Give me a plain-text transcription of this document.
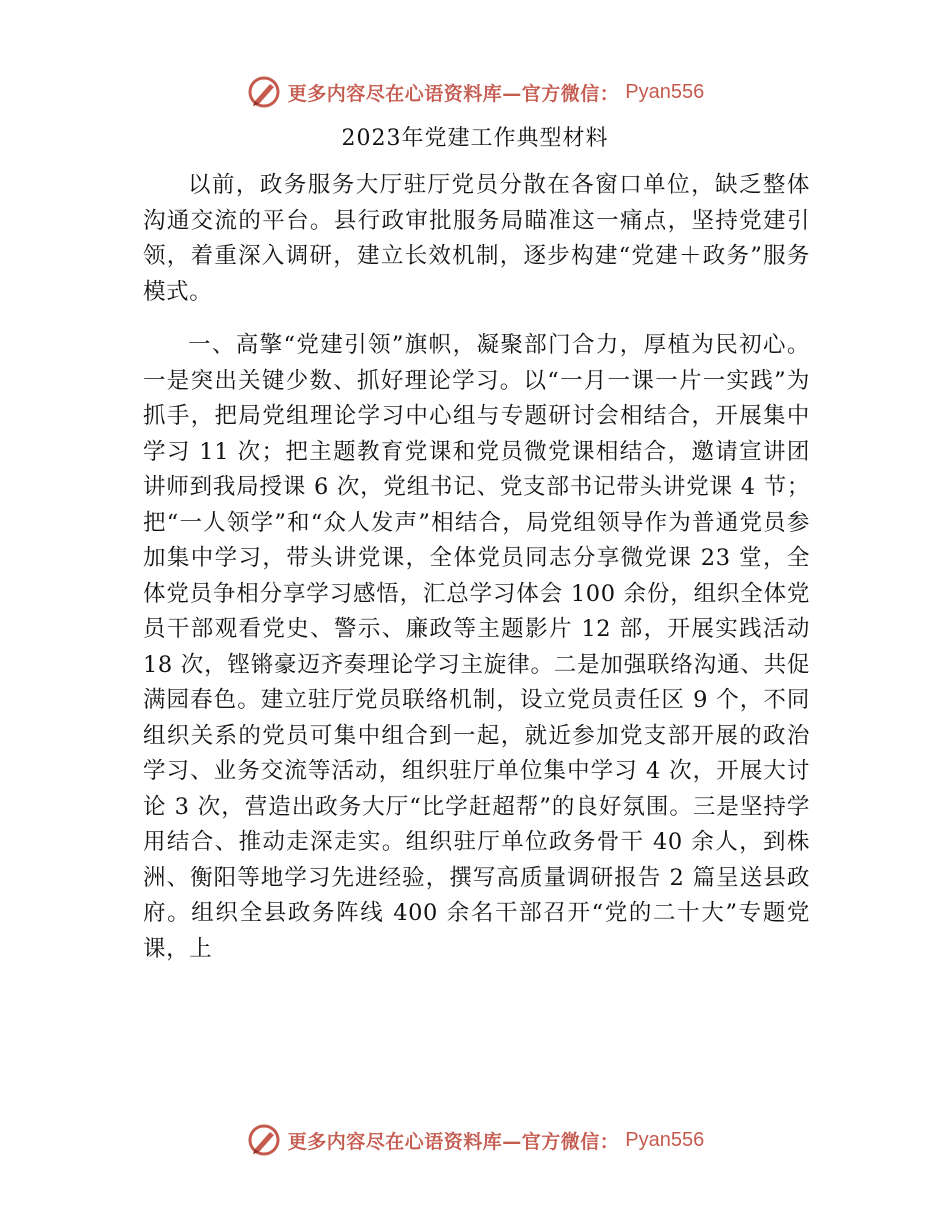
更多内容尽在心语资料库—官方微信： Pyan556
2023年党建工作典型材料

以前，政务服务大厅驻厅党员分散在各窗口单位，缺乏整体沟通交流的平台。县行政审批服务局瞄准这一痛点，坚持党建引领，着重深入调研，建立长效机制，逐步构建“党建＋政务”服务模式。

一、高擎“党建引领”旗帜，凝聚部门合力，厚植为民初心。一是突出关键少数、抓好理论学习。以“一月一课一片一实践”为抓手，把局党组理论学习中心组与专题研讨会相结合，开展集中学习 11 次；把主题教育党课和党员微党课相结合，邀请宣讲团讲师到我局授课 6 次，党组书记、党支部书记带头讲党课 4 节；把“一人领学”和“众人发声”相结合，局党组领导作为普通党员参加集中学习，带头讲党课，全体党员同志分享微党课 23 堂，全体党员争相分享学习感悟，汇总学习体会 100 余份，组织全体党员干部观看党史、警示、廉政等主题影片 12 部，开展实践活动 18 次，铿锵豪迈齐奏理论学习主旋律。二是加强联络沟通、共促满园春色。建立驻厅党员联络机制，设立党员责任区 9 个，不同组织关系的党员可集中组合到一起，就近参加党支部开展的政治学习、业务交流等活动，组织驻厅单位集中学习 4 次，开展大讨论 3 次，营造出政务大厅“比学赶超帮”的良好氛围。三是坚持学用结合、推动走深走实。组织驻厅单位政务骨干 40 余人，到株洲、衡阳等地学习先进经验，撰写高质量调研报告 2 篇呈送县政府。组织全县政务阵线 400 余名干部召开“党的二十大”专题党课，上

更多内容尽在心语资料库—官方微信： Pyan556
